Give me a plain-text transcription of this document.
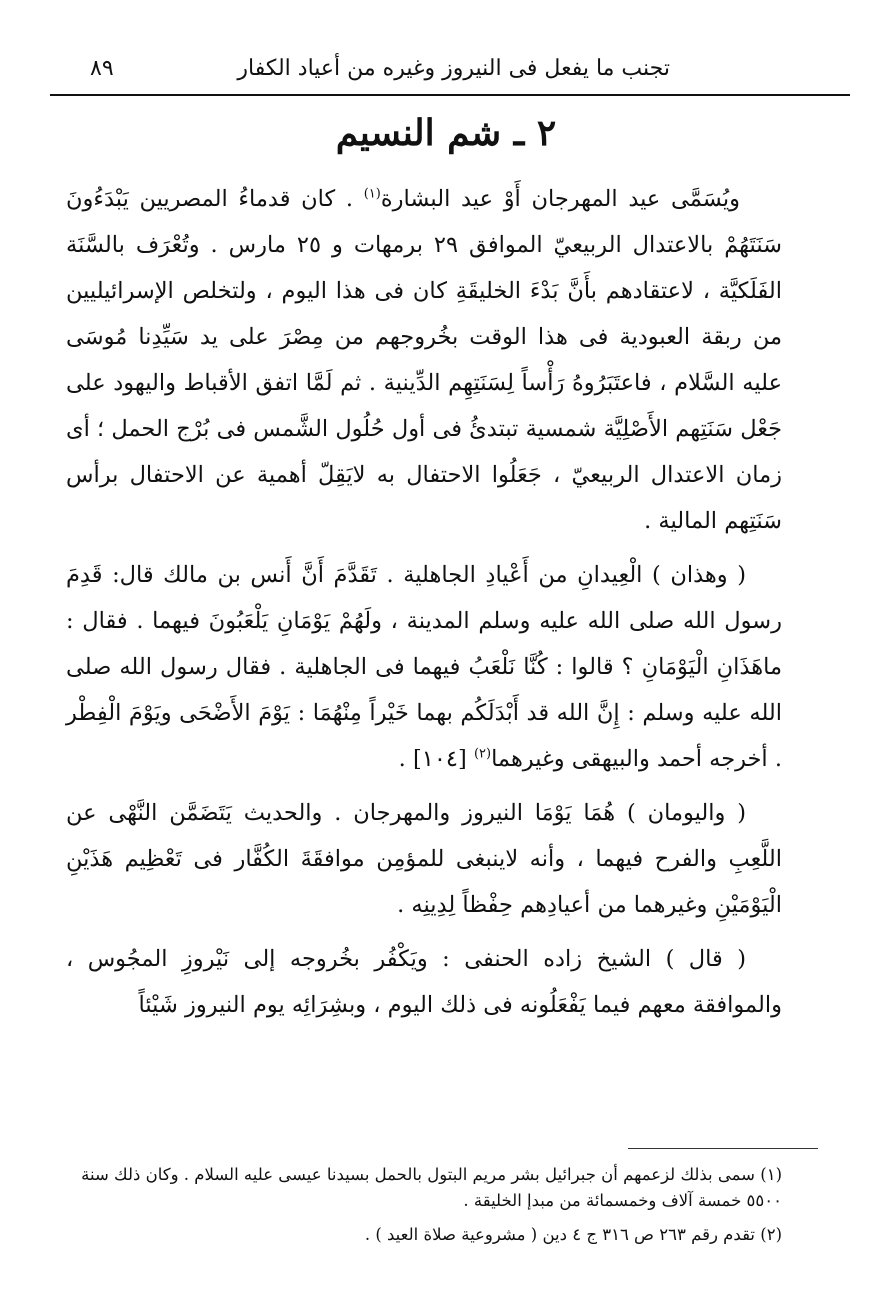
تجنب ما يفعل فى النيروز وغيره من أعياد الكفار
٨٩
٢ ـ شم النسيم

ويُسَمَّى عيد المهرجان أَوْ عيد البشارة$^{(١)}$ . كان قدماءُ المصريين يَبْدَءُونَ سَنَتَهُمْ بالاعتدال الربيعيّ الموافق ٢٩ برمهات و ٢٥ مارس . وتُعْرَف بالسَّنَة الفَلَكيَّة ، لاعتقادهم بأَنَّ بَدْءَ الخليقَةِ كان فى هذا اليوم ، ولتخلص الإسرائيليين من ربقة العبودية فى هذا الوقت بخُروجهم من مِصْرَ على يد سَيِّدِنا مُوسَى عليه السَّلام ، فاعتَبَرُوهُ رَأْساً لِسَنَتِهِم الدِّينية . ثم لَمَّا اتفق الأقباط واليهود على جَعْل سَنَتِهم الأَصْلِيَّة شمسية تبتدئُ فى أول حُلُول الشَّمس فى بُرْج الحمل ؛ أى زمان الاعتدال الربيعيّ ، جَعَلُوا الاحتفال به لايَقِلّ أهمية عن الاحتفال برأس سَنَتِهم المالية .

( وهذان ) الْعِيدانِ من أَعْيادِ الجاهلية . تَقَدَّمَ أَنَّ أَنس بن مالك قال: قَدِمَ رسول الله صلى الله عليه وسلم المدينة ، ولَهُمْ يَوْمَانِ يَلْعَبُونَ فيهما . فقال : ماهَذَانِ الْيَوْمَانِ ؟ قالوا : كُنَّا نَلْعَبُ فيهما فى الجاهلية . فقال رسول الله صلى الله عليه وسلم : إِنَّ الله قد أَبْدَلَكُم بهما خَيْراً مِنْهُمَا : يَوْمَ الأَضْحَى ويَوْمَ الْفِطْر . أخرجه أحمد والبيهقى وغيرهما$^{(٢)}$ [١٠٤] .

( واليومان ) هُمَا يَوْمَا النيروز والمهرجان . والحديث يَتَضَمَّن النَّهْى عن اللَّعِبِ والفرح فيهما ، وأنه لاينبغى للمؤمِن موافقَةَ الكُفَّار فى تَعْظِيم هَذَيْنِ الْيَوْمَيْنِ وغيرهما من أعيادِهم حِفْظاً لِدِينِه .

( قال ) الشيخ زاده الحنفى : ويَكْفُر بخُروجه إلى نَيْروزِ المجُوس ، والموافقة معهم فيما يَفْعَلُونه فى ذلك اليوم ، وبشِرَائِه يوم النيروز شَيْئاً

(١) سمى بذلك لزعمهم أن جبرائيل بشر مريم البتول بالحمل بسيدنا عيسى عليه السلام . وكان ذلك سنة ٥٥٠٠ خمسة آلاف وخمسمائة من مبدإ الخليقة .

(٢) تقدم رقم ٢٦٣ ص ٣١٦ ج ٤ دين ( مشروعية صلاة العيد ) .
